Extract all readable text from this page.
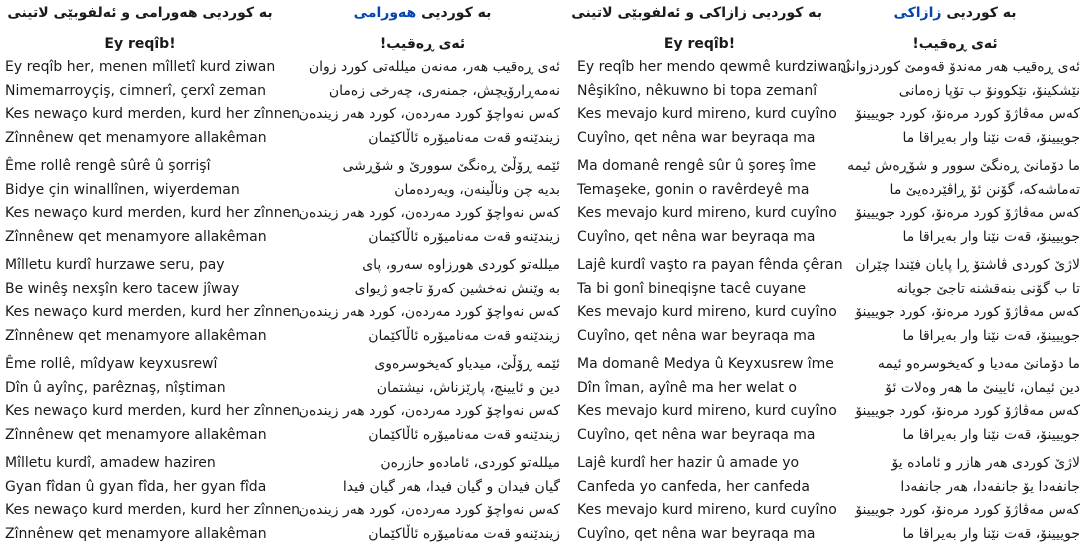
به کوردیی هەورامی و ئەلفوبێی لاتینی
Ey reqîb!
Ey reqîb her, menen mîlletî kurd ziwan
Nimemarroyçiş, cimnerî, çerxî zeman
Kes newaço kurd merden, kurd her zînnen
Zînnênew qet menamyore allakêman
Ême rollê rengê sûrê û şorrişî
Bidye çin winallînen, wiyerdeman
Kes newaço kurd merden, kurd her zînnen
Zînnênew qet menamyore allakêman
Mîlletu kurdî hurzawe seru, pay
Be winêş nexşîn kero tacew jîway
Kes newaço kurd merden, kurd her zînnen
Zînnênew qet menamyore allakêman
Ême rollê, mîdyaw keyxusrewî
Dîn û ayînç, parêznaş, nîştiman
Kes newaço kurd merden, kurd her zînnen
Zînnênew qet menamyore allakêman
Mîlletu kurdî, amadew haziren
Gyan fîdan û gyan fîda, her gyan fîda
Kes newaço kurd merden, kurd her zînnen
Zînnênew qet menamyore allakêman
به کوردیی هەورامی
ئەی ڕەقیب!
ئەی ڕەقیب هەر، مەنەن میللەتی کورد زوان
نەمەڕارۆیچش، جمنەری، چەرخی زەمان
کەس نەواچۆ کورد مەردەن، کورد هەر زیندەن
زیندێنەو قەت مەنامیۆرە ئاڵاکێمان
ئێمە ڕۆڵێ ڕەنگێ سوورێ و شۆڕشی
بدیە چن وناڵینەن، ویەردەمان
کەس نەواچۆ کورد مەردەن، کورد هەر زیندەن
زیندێنەو قەت مەنامیۆرە ئاڵاکێمان
میللەتو کوردی هورزاوە سەرو، پای
بە وێنش نەخشین کەرۆ تاجەو ژیوای
کەس نەواچۆ کورد مەردەن، کورد هەر زیندەن
زیندێنەو قەت مەنامیۆرە ئاڵاکێمان
ئێمە ڕۆڵێ، میدیاو کەیخوسرەوی
دین و ئایینچ، پارێزناش، نیشتمان
کەس نەواچۆ کورد مەردەن، کورد هەر زیندەن
زیندێنەو قەت مەنامیۆرە ئاڵاکێمان
میللەتو کوردی، ئامادەو حازرەن
گیان فیدان و گیان فیدا، هەر گیان فیدا
کەس نەواچۆ کورد مەردەن، کورد هەر زیندەن
زیندێنەو قەت مەنامیۆرە ئاڵاکێمان
بە کوردیی زازاکی و ئەلفوبێی لاتینی
Ey reqîb!
Ey reqîb her mendo qewmê kurdziwanî
Nêşikîno, nêkuwno bi topa zemanî
Kes mevajo kurd mireno, kurd cuyîno
Cuyîno, qet nêna war beyraqa ma
Ma domanê rengê sûr û şoreş îme
Temaşeke, gonin o ravêrdeyê ma
Kes mevajo kurd mireno, kurd cuyîno
Cuyîno, qet nêna war beyraqa ma
Lajê kurdî vaşto ra payan fênda çêran
Ta bi gonî bineqişne tacê cuyane
Kes mevajo kurd mireno, kurd cuyîno
Cuyîno, qet nêna war beyraqa ma
Ma domanê Medya û Keyxusrew îme
Dîn îman, ayînê ma her welat o
Kes mevajo kurd mireno, kurd cuyîno
Cuyîno, qet nêna war beyraqa ma
Lajê kurdî her hazir û amade yo
Canfeda yo canfeda, her canfeda
Kes mevajo kurd mireno, kurd cuyîno
Cuyîno, qet nêna war beyraqa ma
بە کوردیی زازاکی
ئەی ڕەقیب!
ئەی ڕەقیب هەر مەندۆ قەومێ کوردزوانی
نێشکینۆ، نێکوونۆ ب تۆپا زەمانی
کەس مەڤاژۆ کورد مرەنۆ، کورد جوییینۆ
جوییینۆ، قەت نێنا وار بەیراقا ما
ما دۆمانێ ڕەنگێ سوور و شۆڕەش ئیمە
تەماشەکە، گۆنن ئۆ ڕاڤێردەیێ ما
کەس مەڤاژۆ کورد مرەنۆ، کورد جوییینۆ
جوییینۆ، قەت نێنا وار بەیراقا ما
لاژێ کوردی ڤاشتۆ ڕا پایان فێندا چێران
تا ب گۆنی بنەقشنە تاجێ جویانە
کەس مەڤاژۆ کورد مرەنۆ، کورد جوییینۆ
جوییینۆ، قەت نێنا وار بەیراقا ما
ما دۆمانێ مەدیا و کەیخوسرەو ئیمە
دین ئیمان، ئایینێ ما هەر وەلات ئۆ
کەس مەڤاژۆ کورد مرەنۆ، کورد جوییینۆ
جوییینۆ، قەت نێنا وار بەیراقا ما
لاژێ کوردی هەر هازر و ئامادە یۆ
جانفەدا یۆ جانفەدا، هەر جانفەدا
کەس مەڤاژۆ کورد مرەنۆ، کورد جوییینۆ
جوییینۆ، قەت نێنا وار بەیراقا ما
